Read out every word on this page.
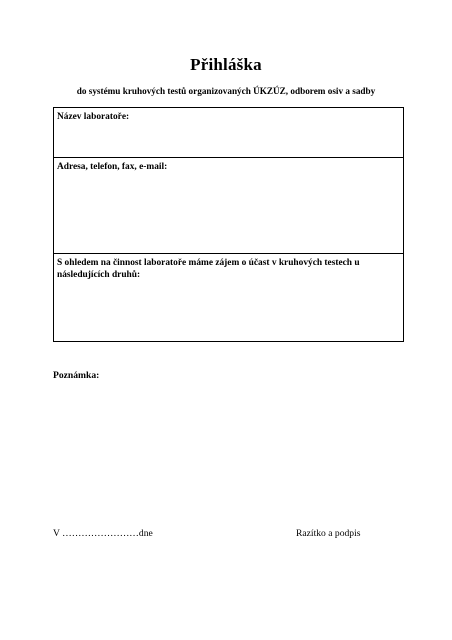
Přihláška
do systému kruhových testů organizovaných ÚKZÚZ, odborem osiv a sadby
Název laboratoře:
Adresa, telefon, fax, e-mail:
S ohledem na činnost laboratoře máme zájem o účast v kruhových testech u následujících druhů:
Poznámka:
V ……………………dne	Razítko a podpis
